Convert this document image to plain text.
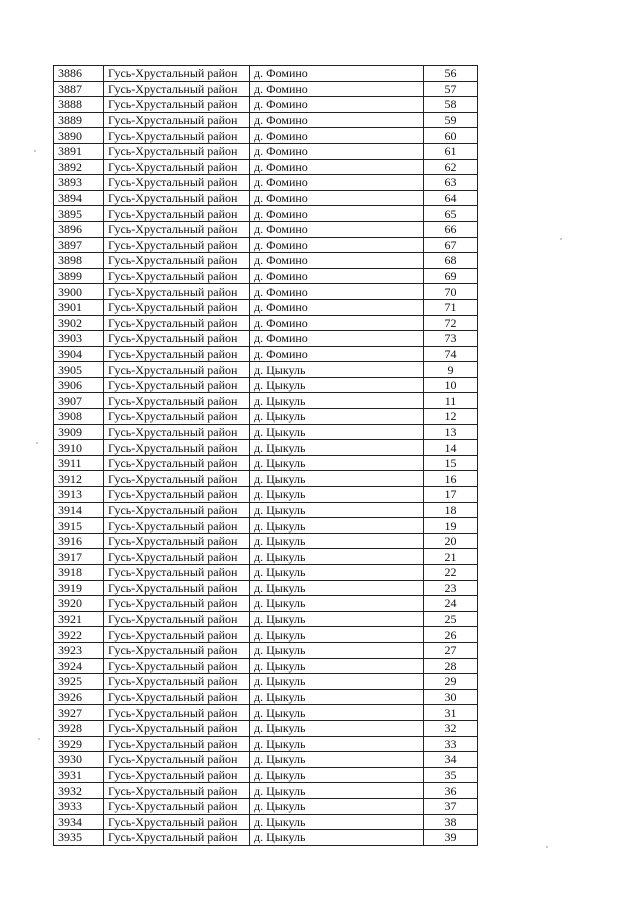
3886	Гусь-Хрустальный район	д. Фомино	56
3887	Гусь-Хрустальный район	д. Фомино	57
3888	Гусь-Хрустальный район	д. Фомино	58
3889	Гусь-Хрустальный район	д. Фомино	59
3890	Гусь-Хрустальный район	д. Фомино	60
3891	Гусь-Хрустальный район	д. Фомино	61
3892	Гусь-Хрустальный район	д. Фомино	62
3893	Гусь-Хрустальный район	д. Фомино	63
3894	Гусь-Хрустальный район	д. Фомино	64
3895	Гусь-Хрустальный район	д. Фомино	65
3896	Гусь-Хрустальный район	д. Фомино	66
3897	Гусь-Хрустальный район	д. Фомино	67
3898	Гусь-Хрустальный район	д. Фомино	68
3899	Гусь-Хрустальный район	д. Фомино	69
3900	Гусь-Хрустальный район	д. Фомино	70
3901	Гусь-Хрустальный район	д. Фомино	71
3902	Гусь-Хрустальный район	д. Фомино	72
3903	Гусь-Хрустальный район	д. Фомино	73
3904	Гусь-Хрустальный район	д. Фомино	74
3905	Гусь-Хрустальный район	д. Цыкуль	9
3906	Гусь-Хрустальный район	д. Цыкуль	10
3907	Гусь-Хрустальный район	д. Цыкуль	11
3908	Гусь-Хрустальный район	д. Цыкуль	12
3909	Гусь-Хрустальный район	д. Цыкуль	13
3910	Гусь-Хрустальный район	д. Цыкуль	14
3911	Гусь-Хрустальный район	д. Цыкуль	15
3912	Гусь-Хрустальный район	д. Цыкуль	16
3913	Гусь-Хрустальный район	д. Цыкуль	17
3914	Гусь-Хрустальный район	д. Цыкуль	18
3915	Гусь-Хрустальный район	д. Цыкуль	19
3916	Гусь-Хрустальный район	д. Цыкуль	20
3917	Гусь-Хрустальный район	д. Цыкуль	21
3918	Гусь-Хрустальный район	д. Цыкуль	22
3919	Гусь-Хрустальный район	д. Цыкуль	23
3920	Гусь-Хрустальный район	д. Цыкуль	24
3921	Гусь-Хрустальный район	д. Цыкуль	25
3922	Гусь-Хрустальный район	д. Цыкуль	26
3923	Гусь-Хрустальный район	д. Цыкуль	27
3924	Гусь-Хрустальный район	д. Цыкуль	28
3925	Гусь-Хрустальный район	д. Цыкуль	29
3926	Гусь-Хрустальный район	д. Цыкуль	30
3927	Гусь-Хрустальный район	д. Цыкуль	31
3928	Гусь-Хрустальный район	д. Цыкуль	32
3929	Гусь-Хрустальный район	д. Цыкуль	33
3930	Гусь-Хрустальный район	д. Цыкуль	34
3931	Гусь-Хрустальный район	д. Цыкуль	35
3932	Гусь-Хрустальный район	д. Цыкуль	36
3933	Гусь-Хрустальный район	д. Цыкуль	37
3934	Гусь-Хрустальный район	д. Цыкуль	38
3935	Гусь-Хрустальный район	д. Цыкуль	39
